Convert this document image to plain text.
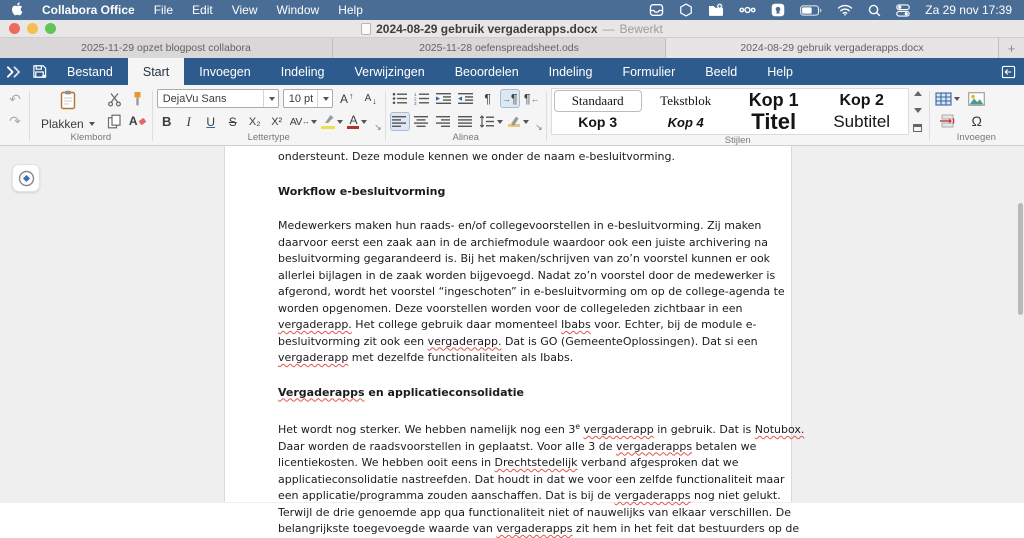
Collabora Office File Edit View Window Help	Za 29 nov 17:39
2024-08-29 gebruik vergaderapps.docx — Bewerkt
2025-11-29 opzet blogpost collabora	2025-11-28 oefenspreadsheet.ods	2024-08-29 gebruik vergaderapps.docx	+
Bestand	Start	Invoegen	Indeling	Verwijzingen	Beoordelen	Indeling	Formulier	Beeld	Help
↶
↷	Plakken	A
Klembord
DejaVu Sans	10 pt A ↑ A ↓
B	I	U	S	X₂ X² AV ↔	A
Lettertype
↘
1
2
3	¶ → ¶ ¶ ←
Alinea
↘
Standaard	Tekstblok	Kop 1	Kop 2
Kop 3	Kop 4	Titel	Subtitel
Stijlen
Ω
Invoegen
ondersteunt. Deze module kennen we onder de naam e-besluitvorming.
Workflow e-besluitvorming
Medewerkers maken hun raads- en/of collegevoorstellen in e-besluitvorming. Zij maken
daarvoor eerst een zaak aan in de archiefmodule waardoor ook een juiste archivering na
besluitvorming gegarandeerd is. Bij het maken/schrijven van zo’n voorstel kunnen er ook
allerlei bijlagen in de zaak worden bijgevoegd. Nadat zo’n voorstel door de medewerker is
afgerond, wordt het voorstel “ingeschoten” in e-besluitvorming om op de college-agenda te
worden opgenomen. Deze voorstellen worden voor de collegeleden zichtbaar in een
vergaderapp. Het college gebruik daar momenteel Ibabs voor. Echter, bij de module e-
besluitvorming zit ook een vergaderapp. Dat is GO (GemeenteOplossingen). Dat si een
vergaderapp met dezelfde functionaliteiten als Ibabs.
Vergaderapps en applicatieconsolidatie
Het wordt nog sterker. We hebben namelijk nog een 3e vergaderapp in gebruik. Dat is Notubox.
Daar worden de raadsvoorstellen in geplaatst. Voor alle 3 de vergaderapps betalen we
licentiekosten. We hebben ooit eens in Drechtstedelijk verband afgesproken dat we
applicatieconsolidatie nastreefden. Dat houdt in dat we voor een zelfde functionaliteit maar
een applicatie/programma zouden aanschaffen. Dat is bij de vergaderapps nog niet gelukt.
Terwijl de drie genoemde app qua functionaliteit niet of nauwelijks van elkaar verschillen. De
belangrijkste toegevoegde waarde van vergaderapps zit hem in het feit dat bestuurders op de
